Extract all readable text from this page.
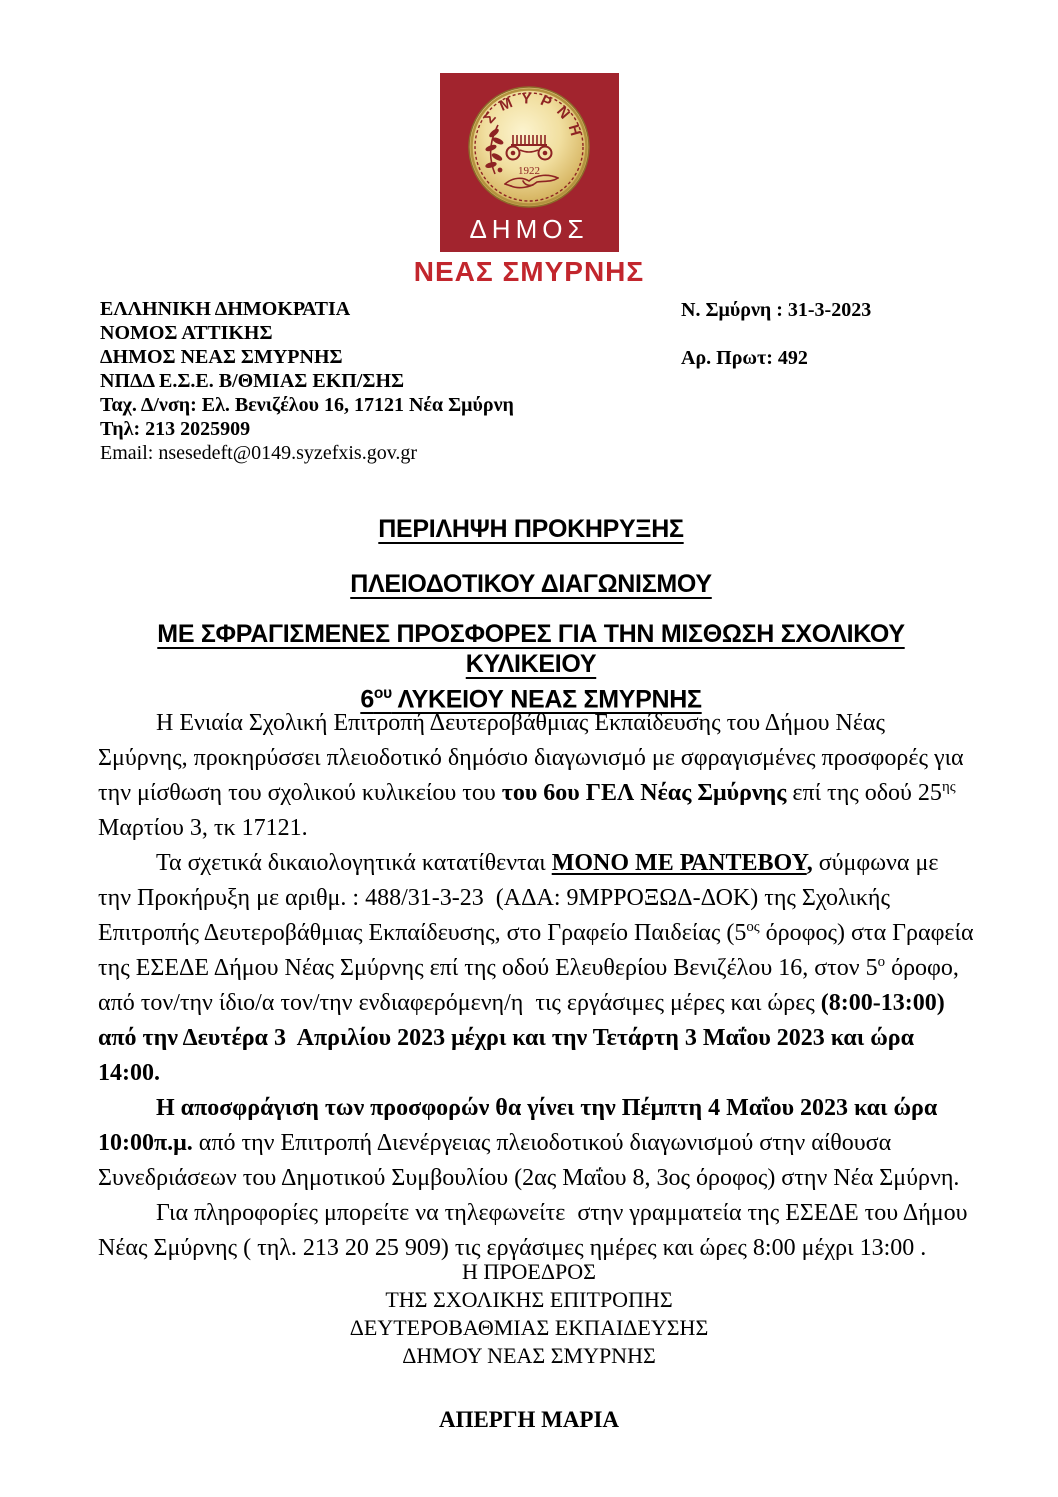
ΣΜΥΡΝΗ
1922
ΔΗΜΟΣ
ΝΕΑΣ ΣΜΥΡΝΗΣ
ΕΛΛΗΝΙΚΗ ΔΗΜΟΚΡΑΤΙΑ
ΝΟΜΟΣ ΑΤΤΙΚΗΣ
ΔΗΜΟΣ ΝΕΑΣ ΣΜΥΡΝΗΣ
ΝΠΔΔ Ε.Σ.Ε. Β/ΘΜΙΑΣ ΕΚΠ/ΣΗΣ
Ταχ. Δ/νση: Ελ. Βενιζέλου 16, 17121 Νέα Σμύρνη
Τηλ: 213 2025909
Email: nsesedeft@0149.syzefxis.gov.gr
Ν. Σμύρνη : 31-3-2023
Αρ. Πρωτ: 492
ΠΕΡΙΛΗΨΗ ΠΡΟΚΗΡΥΞΗΣ
ΠΛΕΙΟΔΟΤΙΚΟΥ ΔΙΑΓΩΝΙΣΜΟΥ
ΜΕ ΣΦΡΑΓΙΣΜΕΝΕΣ ΠΡΟΣΦΟΡΕΣ ΓΙΑ ΤΗΝ ΜΙΣΘΩΣΗ ΣΧΟΛΙΚΟΥ ΚΥΛΙΚΕΙΟΥ
$6^{o\upsilon}$ ΛΥΚΕΙΟΥ ΝΕΑΣ ΣΜΥΡΝΗΣ

Η Ενιαία Σχολική Επιτροπή Δευτεροβάθμιας Εκπαίδευσης του Δήμου Νέας Σμύρνης, προκηρύσσει πλειοδοτικό δημόσιο διαγωνισμό με σφραγισμένες προσφορές για την μίσθωση του σχολικού κυλικείου του του 6ου ΓΕΛ Νέας Σμύρνης επί της οδού $25^{\eta\varsigma}$ Μαρτίου 3, τκ 17121.

Τα σχετικά δικαιολογητικά κατατίθενται ΜΟΝΟ ΜΕ ΡΑΝΤΕΒΟΥ, σύμφωνα με την Προκήρυξη με αριθμ. : 488/31-3-23  (ΑΔΑ: 9ΜΡΡΟΞΩΔ-ΔΟΚ) της Σχολικής Επιτροπής Δευτεροβάθμιας Εκπαίδευσης, στο Γραφείο Παιδείας ($5^{o\varsigma}$ όροφος) στα Γραφεία της ΕΣΕΔΕ Δήμου Νέας Σμύρνης επί της οδού Ελευθερίου Βενιζέλου 16, στον $5^o$ όροφο, από τον/την ίδιο/α τον/την ενδιαφερόμενη/η  τις εργάσιμες μέρες και ώρες (8:00-13:00) από την Δευτέρα 3  Απριλίου 2023 μέχρι και την Τετάρτη 3 Μαΐου 2023 και ώρα 14:00.

Η αποσφράγιση των προσφορών θα γίνει την Πέμπτη 4 Μαΐου 2023 και ώρα 10:00π.μ. από την Επιτροπή Διενέργειας πλειοδοτικού διαγωνισμού στην αίθουσα Συνεδριάσεων του Δημοτικού Συμβουλίου (2ας Μαΐου 8, 3ος όροφος) στην Νέα Σμύρνη.

Για πληροφορίες μπορείτε να τηλεφωνείτε  στην γραμματεία της ΕΣΕΔΕ του Δήμου Νέας Σμύρνης ( τηλ. 213 20 25 909) τις εργάσιμες ημέρες και ώρες 8:00 μέχρι 13:00 .

Η ΠΡΟΕΔΡΟΣ
ΤΗΣ ΣΧΟΛΙΚΗΣ ΕΠΙΤΡΟΠΗΣ
ΔΕΥΤΕΡΟΒΑΘΜΙΑΣ ΕΚΠΑΙΔΕΥΣΗΣ
ΔΗΜΟΥ ΝΕΑΣ ΣΜΥΡΝΗΣ
ΑΠΕΡΓΗ ΜΑΡΙΑ
